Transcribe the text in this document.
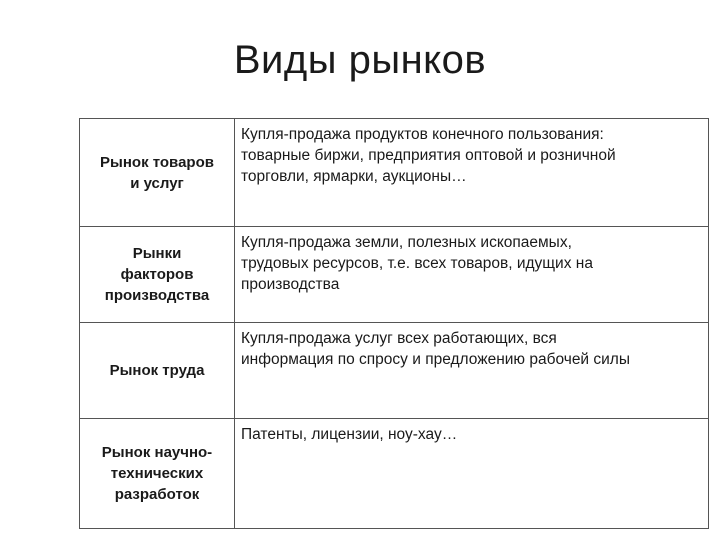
Виды рынков
Рынок товаров
и услуг	Купля-продажа продуктов конечного пользования:
товарные биржи, предприятия оптовой и розничной
торговли, ярмарки, аукционы…
Рынки
факторов
производства	Купля-продажа земли, полезных ископаемых,
трудовых ресурсов, т.е. всех товаров, идущих на
производства
Рынок труда	Купля-продажа услуг всех работающих, вся
информация по спросу и предложению рабочей силы
Рынок научно-
технических
разработок	Патенты, лицензии, ноу-хау…
